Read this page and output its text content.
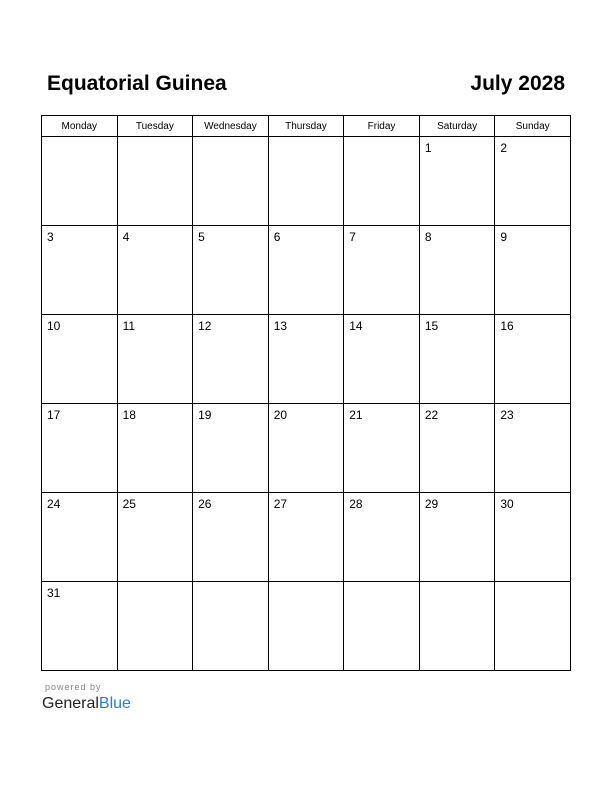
Equatorial Guinea	July 2028
Monday	Tuesday	Wednesday	Thursday	Friday	Saturday	Sunday

					1	2

3	4	5	6	7	8	9

10	11	12	13	14	15	16

17	18	19	20	21	22	23

24	25	26	27	28	29	30

31						

powered by
GeneralBlue
